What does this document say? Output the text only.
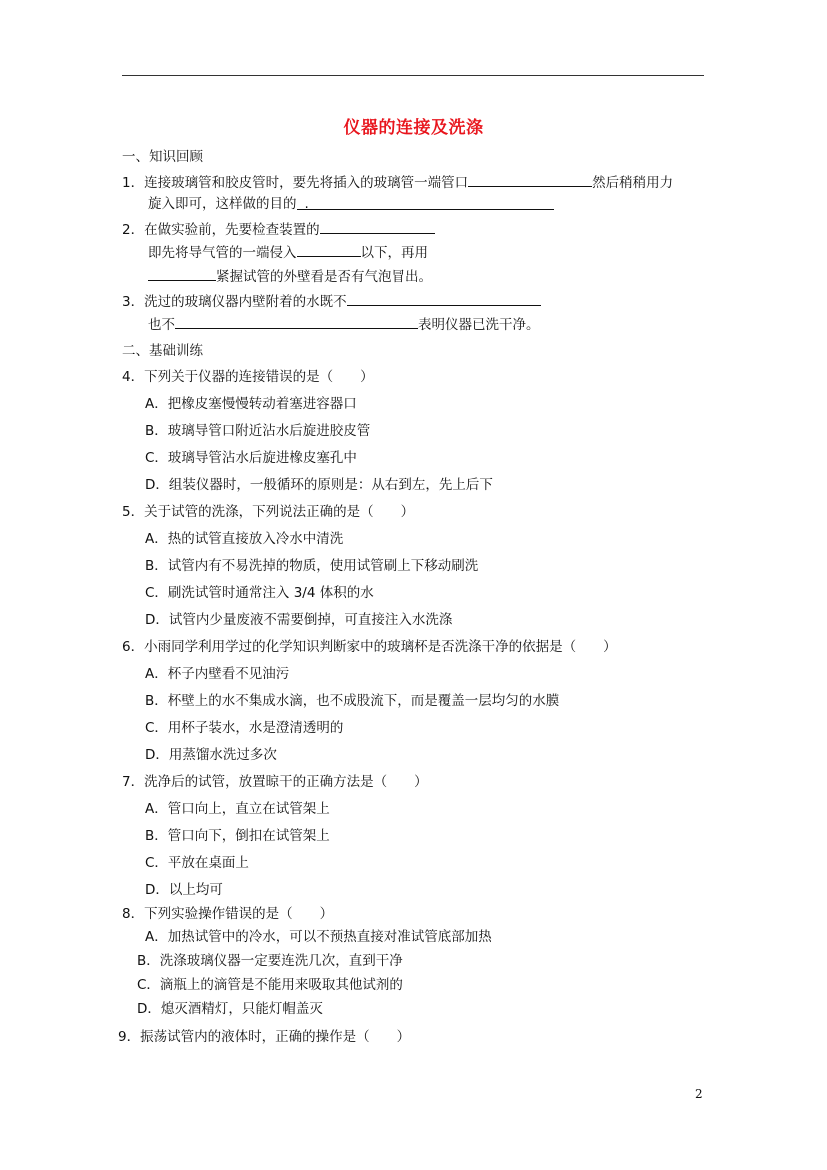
仪器的连接及洗涤
一、知识回顾
1．连接玻璃管和胶皮管时，要先将插入的玻璃管一端管口	然后稍稍用力
旋入即可，这样做的目的 .
2．在做实验前，先要检查装置的
即先将导气管的一端侵入	以下，再用
紧握试管的外壁看是否有气泡冒出。
3．洗过的玻璃仪器内壁附着的水既不
也不	表明仪器已洗干净。
二、基础训练
4．下列关于仪器的连接错误的是（　　）
A．把橡皮塞慢慢转动着塞进容器口
B．玻璃导管口附近沾水后旋进胶皮管
C．玻璃导管沾水后旋进橡皮塞孔中
D．组装仪器时，一般循环的原则是：从右到左，先上后下
5．关于试管的洗涤，下列说法正确的是（　　）
A．热的试管直接放入冷水中清洗
B．试管内有不易洗掉的物质，使用试管刷上下移动刷洗
C．刷洗试管时通常注入 3/4 体积的水
D．试管内少量废液不需要倒掉，可直接注入水洗涤
6．小雨同学利用学过的化学知识判断家中的玻璃杯是否洗涤干净的依据是（　　）
A．杯子内壁看不见油污
B．杯壁上的水不集成水滴，也不成股流下，而是覆盖一层均匀的水膜
C．用杯子装水，水是澄清透明的
D．用蒸馏水洗过多次
7．洗净后的试管，放置晾干的正确方法是（　　）
A．管口向上，直立在试管架上
B．管口向下，倒扣在试管架上
C．平放在桌面上
D．以上均可
8．下列实验操作错误的是（　　）
A．加热试管中的冷水，可以不预热直接对准试管底部加热
B．洗涤玻璃仪器一定要连洗几次，直到干净
C．滴瓶上的滴管是不能用来吸取其他试剂的
D．熄灭酒精灯，只能灯帽盖灭
9．振荡试管内的液体时，正确的操作是（　　）
2
